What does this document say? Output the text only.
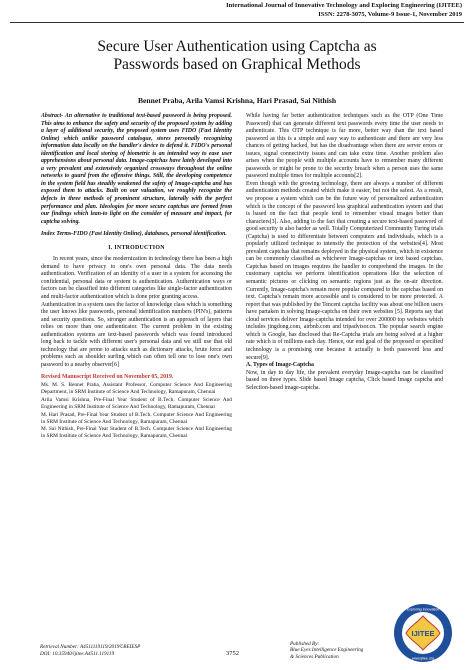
International Journal of Innovative Technology and Exploring Engineering (IJITEE)
ISSN: 2278-3075, Volume-9 Issue-1, November 2019
Secure User Authentication using Captcha as
Passwords based on Graphical Methods
Bennet Praba, Arila Vamsi Krishna, Hari Prasad, Sai Nithish

Abstract- An alternative to traditional text-based password is being proposed. This aims to enhance the safety and security of the proposed system by adding a layer of additional security, the proposed system uses FIDO (Fast Identity Online) which unlike password catalogue, stores personally recognizing information data locally on the handler's device to defend it. FIDO's personal identification and local storing of biometric is an intended way to ease user apprehensions about personal data. Image-captchas have lately developed into a very prevalent and extensively organized crossways throughout the online networks to guard from the offensive things. Still, the developing competence in the system field has steadily weakened the safety of Image-captcha and has exposed them to attacks. Built on our valuation, we roughly recognize the defects in three methods of prominent structure, laterally with the perfect performance and plan. Ideologies for more secure captchas are formed from our findings which lean-to light on the consider of measure and impact, for captcha solving.

Index Terms-FIDO (Fast Identity Online), databases, personal identification.

I. INTRODUCTION

In recent years, since the modernization in technology there has been a high demand to have privacy to one's own personal data. The data needs authentication. Verification of an identity of a user in a system for accessing the confidential, personal data or system is authentication. Authentication ways or factors can be classified into different categories like single-factor authentication and multi-factor authentication which is done prior granting access.

Authentication in a system uses the factor of knowledge class which is something the user knows like passwords, personal identification numbers (PIN's), patterns and security questions. So, stronger authentication is an approach of layers that relies on more than one authenticator. The current problem in the existing authentication systems are text-based passwords which was found introduced long back to tackle with different user's personal data and we still use that old technology that are prone to attacks such as dictionary attacks, brute force and problems such as shoulder surfing which can often tell one to lose one's own password to a nearby observer[6]

Revised Manuscript Received on November 05, 2019.

Ms. M. S. Bennet Praba, Assistant Professor, Computer Science And Engineering Department, in SRM Institute of Science And Technology, Ramapuram, Chennai

Arila Vamsi Krishna, Pre-Final Year Student of B.Tech. Computer Science And Engineering in SRM Institute of Science And Technology, Ramapuram, Chennai

M. Hari Prasad, Pre-Final Year Student of B.Tech. Computer Science And Engineering in SRM Institute of Science And Technology, Ramapuram, Chennai

M. Sai Nithish, Pre-Final Year Student of B.Tech. Computer Science And Engineering in SRM Institute of Science And Technology, Ramapuram, Chennai

While having far better authentication techniques such as the OTP (One Time Password) that can generate different text passwords every time the user needs to authenticate. This OTP technique is far more, better way than the text based password as this is a simple and easy way to authenticate and there are very less chances of getting hacked, but has the disadvantage when there are server errors or issues, signal connectivity issues and can take extra time. Another problem also arises when the people with multiple accounts have to remember many different passwords or might be prone to the security breach when a person uses the same password multiple times for multiple accounts[2].

Even though with the growing technology, there are always a number of different authentication methods created which make it easier, but not the safest. As a result, we propose a system which can be the future way of personalized authentication which is the concept of the password less graphical authentication system and that is based on the fact that people tend to remember visual images better than characters[3]. Also, adding to the fact that creating a secure text-based password of good security is also harder as well. Totally Computerized Community Turing trials (Captcha) is used to differentiate between computers and individuals, which is a popularly utilized technique to intensify the protection of the websites[4]. Most prevalent captchas that remains deployed in the physical system, which in existence can be commonly classified as whichever Image-captchas or text based captchas. Captchas based on images requires the handler to comprehend the images. In the customary captcha we perform identification operations like the selection of semantic pictures or clicking on semantic regions just as the on-air direction. Currently, Image-captcha's remain more popular compared to the captchas based on text. Captcha's remain more accessible and is considered to be more protected. A report that was published by the Tencent captcha facility was about one billion users have partaken in solving Image-captcha on their own websites [5]. Reports say that cloud services deliver Image-captcha intended for over 200000 top websites which includes jingdong.com, airbnb.com and tripadvisor.cn. The popular search engine which is Google, has disclosed that Re-Captcha trials are being solved at a higher rate which is of millions each day. Hence, our end goal of the proposed or specified technology is a promising one because it actually is both password less and secure[9].

A. Types of Image-Captcha

Now, in day to day life, the prevalent everyday Image-captcha can be classified based on three types. Slide based Image captcha, Click based Image captcha and Selection-based image-captcha.

Retrieval Number: A4511119119/2019©BEIESP
DOI: 10.35940/ijitee.A4511.119119	3752
Published By:
Blue Eyes Intelligence Engineering
& Sciences Publication
IJITEE
Exploring Innovation
www.ijitee.org
